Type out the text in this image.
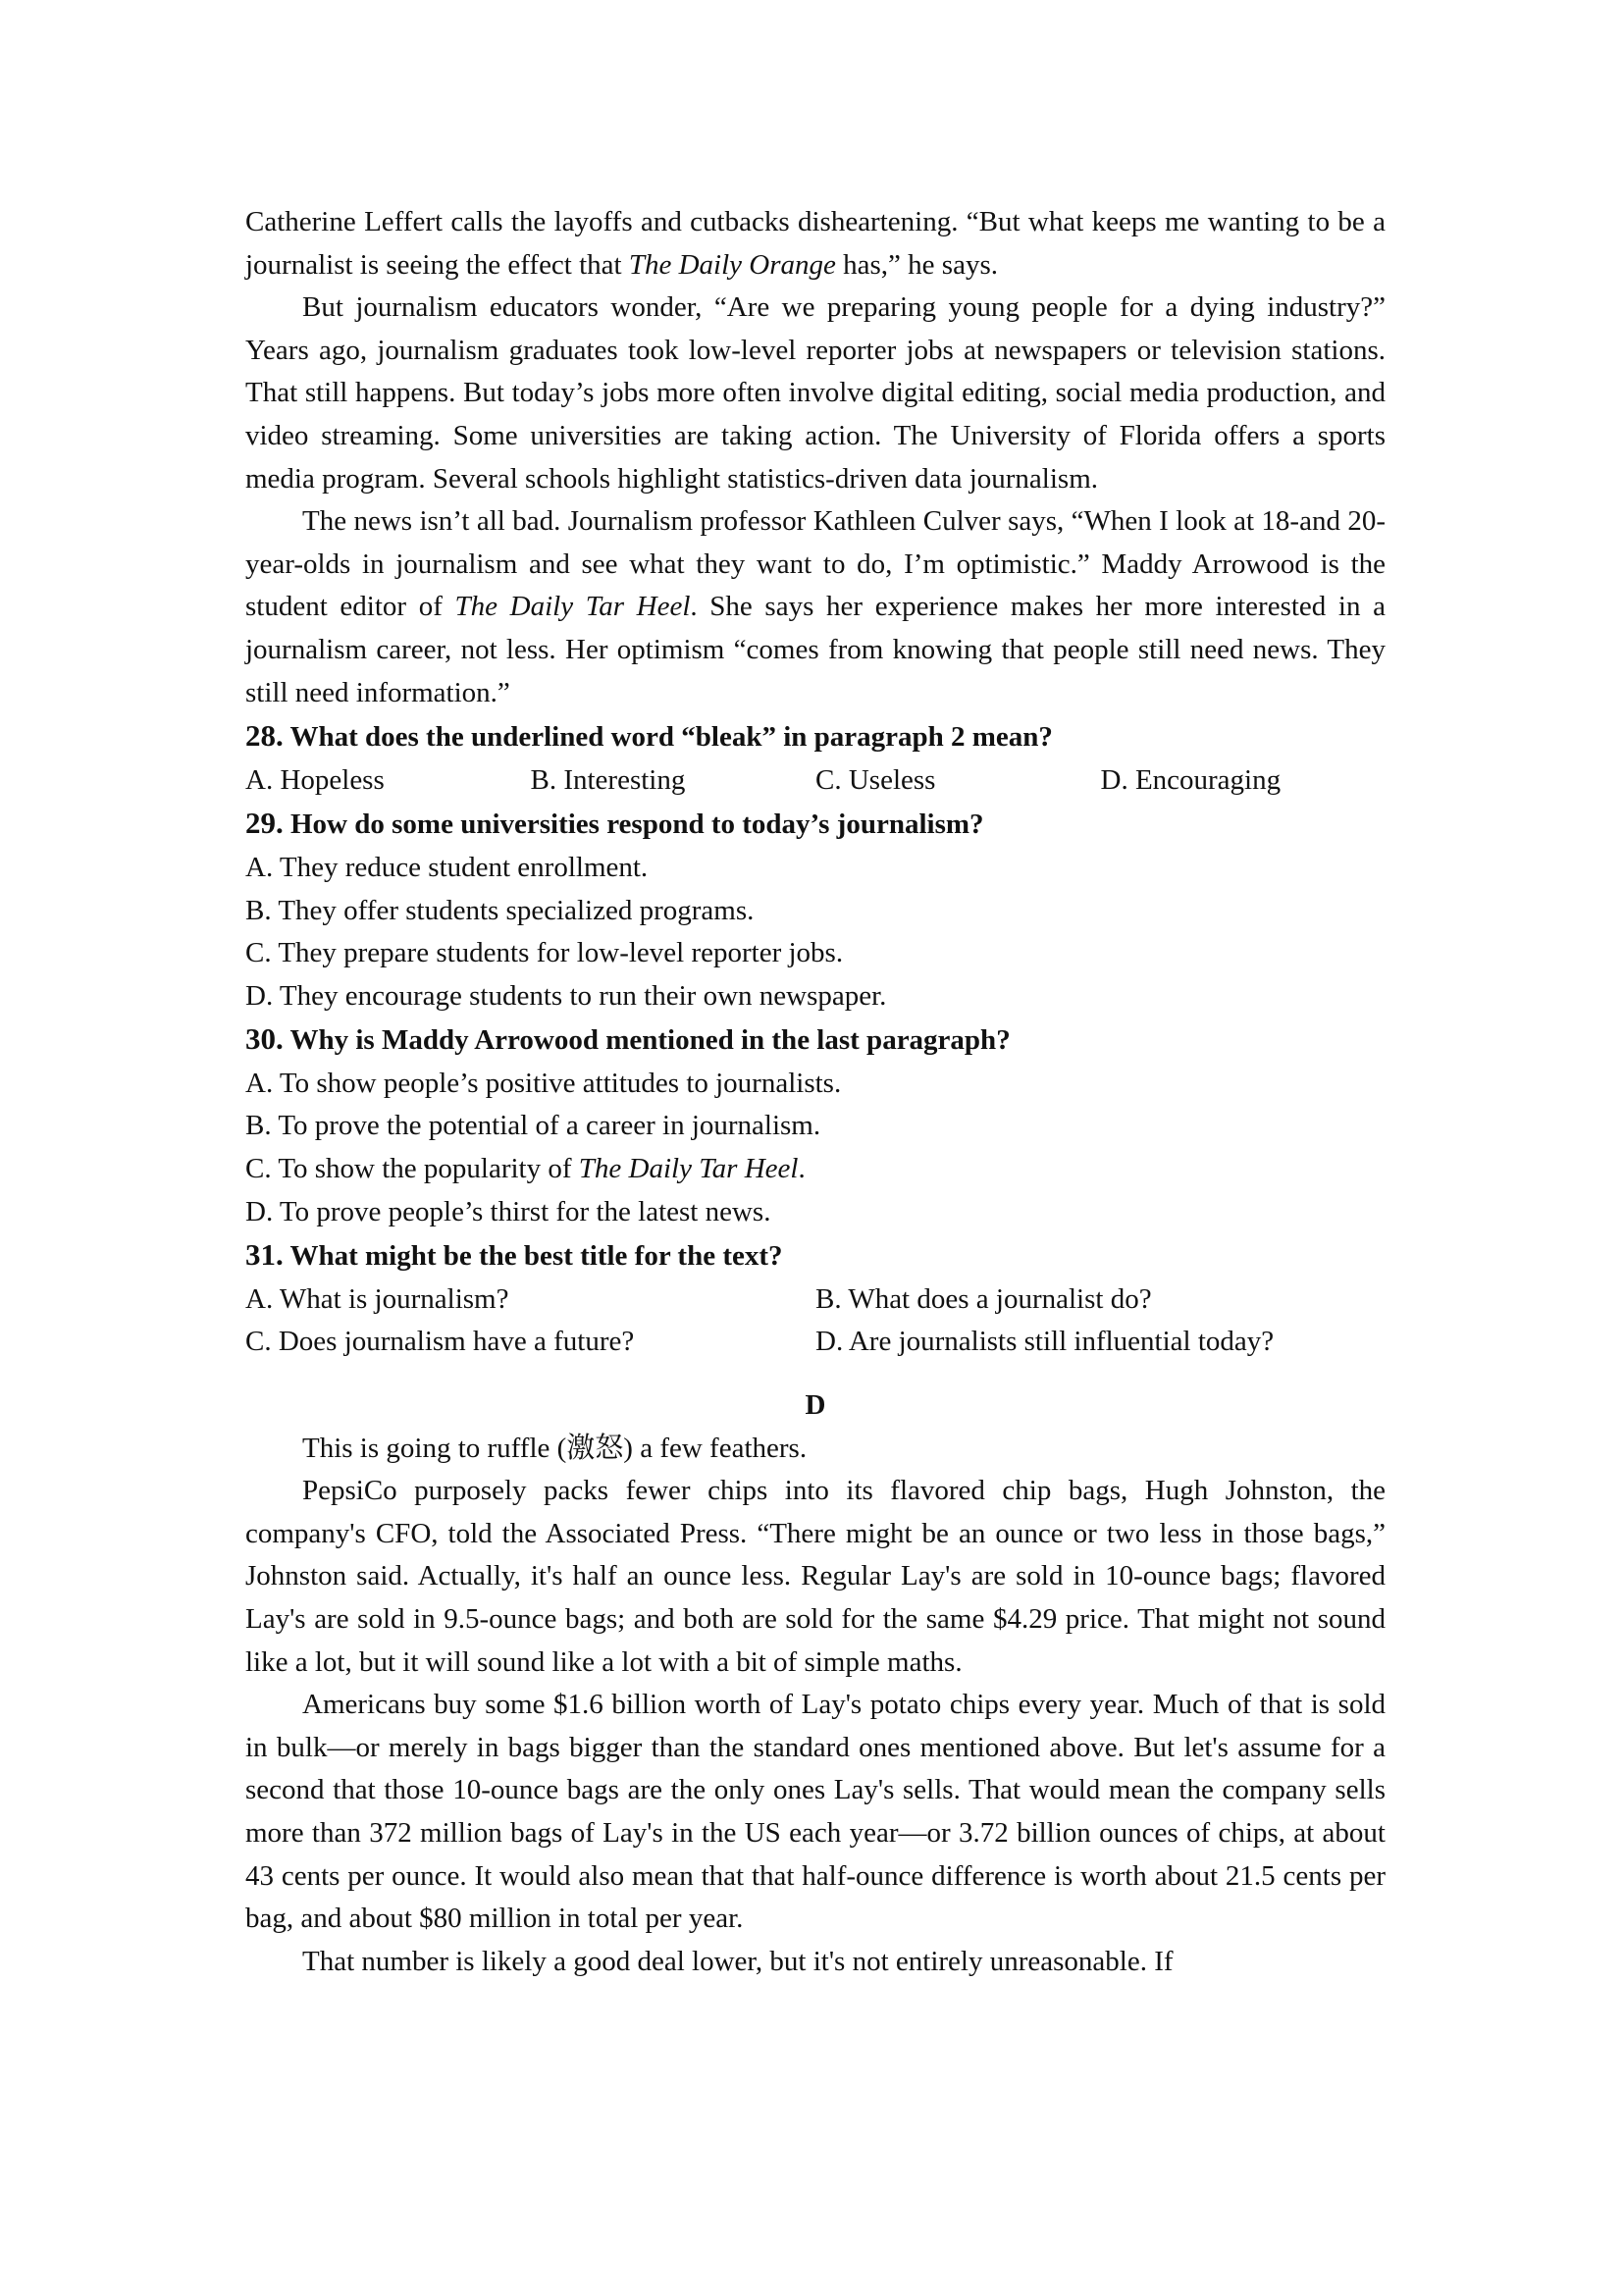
Catherine Leffert calls the layoffs and cutbacks disheartening. “But what keeps me wanting to be a journalist is seeing the effect that The Daily Orange has,” he says.

But journalism educators wonder, “Are we preparing young people for a dying industry?” Years ago, journalism graduates took low-level reporter jobs at newspapers or television stations. That still happens. But today’s jobs more often involve digital editing, social media production, and video streaming. Some universities are taking action. The University of Florida offers a sports media program. Several schools highlight statistics-driven data journalism.

The news isn’t all bad. Journalism professor Kathleen Culver says, “When I look at 18-and 20-year-olds in journalism and see what they want to do, I’m optimistic.” Maddy Arrowood is the student editor of The Daily Tar Heel. She says her experience makes her more interested in a journalism career, not less. Her optimism “comes from knowing that people still need news. They still need information.”

28. What does the underlined word “bleak” in paragraph 2 mean?

A. Hopeless	B. Interesting	C. Useless	D. Encouraging

29. How do some universities respond to today’s journalism?

A. They reduce student enrollment.

B. They offer students specialized programs.

C. They prepare students for low-level reporter jobs.

D. They encourage students to run their own newspaper.

30. Why is Maddy Arrowood mentioned in the last paragraph?

A. To show people’s positive attitudes to journalists.

B. To prove the potential of a career in journalism.

C. To show the popularity of The Daily Tar Heel.

D. To prove people’s thirst for the latest news.

31. What might be the best title for the text?

A. What is journalism?	B. What does a journalist do?
C. Does journalism have a future?	D. Are journalists still influential today?
D

This is going to ruffle (激怒) a few feathers.

PepsiCo purposely packs fewer chips into its flavored chip bags, Hugh Johnston, the company's CFO, told the Associated Press. “There might be an ounce or two less in those bags,” Johnston said. Actually, it's half an ounce less. Regular Lay's are sold in 10-ounce bags; flavored Lay's are sold in 9.5-ounce bags; and both are sold for the same $4.29 price. That might not sound like a lot, but it will sound like a lot with a bit of simple maths.

Americans buy some $1.6 billion worth of Lay's potato chips every year. Much of that is sold in bulk—or merely in bags bigger than the standard ones mentioned above. But let's assume for a second that those 10-ounce bags are the only ones Lay's sells. That would mean the company sells more than 372 million bags of Lay's in the US each year—or 3.72 billion ounces of chips, at about 43 cents per ounce. It would also mean that that half-ounce difference is worth about 21.5 cents per bag, and about $80 million in total per year.

That number is likely a good deal lower, but it's not entirely unreasonable. If
